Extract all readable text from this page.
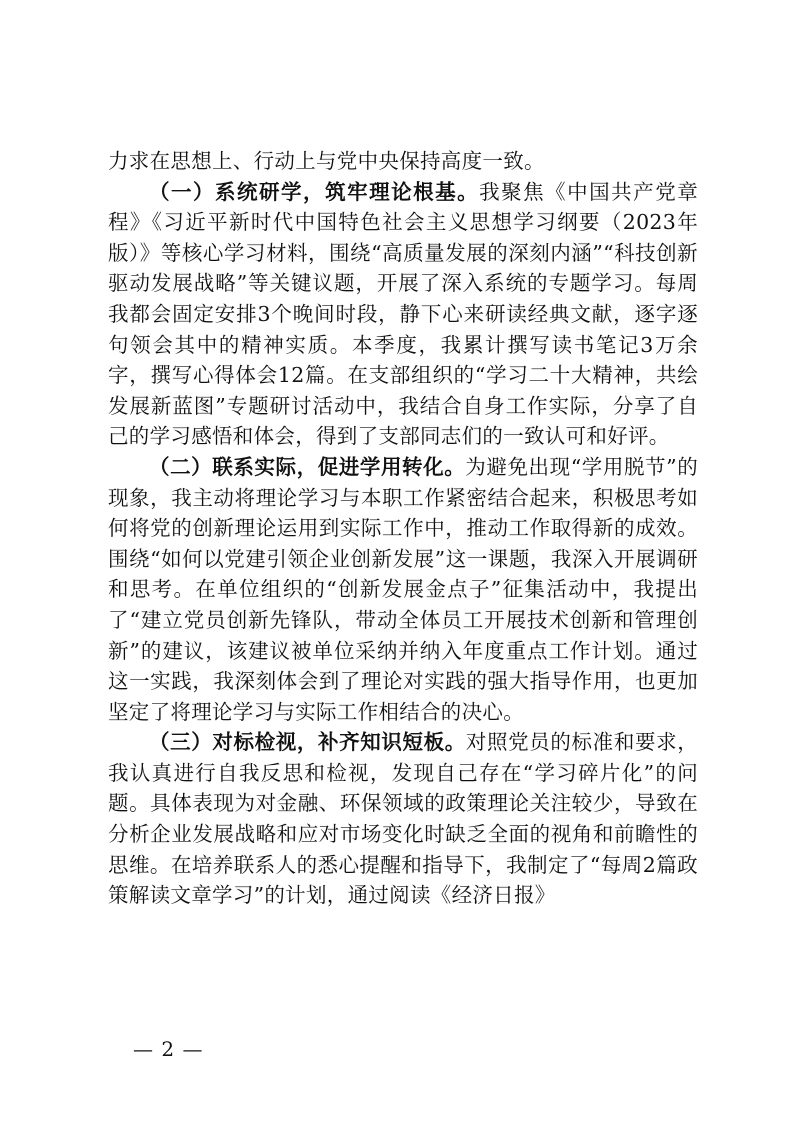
力求在思想上、行动上与党中央保持高度一致。

（一）系统研学，筑牢理论根基。我聚焦《中国共产党章程》《习近平新时代中国特色社会主义思想学习纲要（2023年版）》等核心学习材料，围绕“高质量发展的深刻内涵”“科技创新驱动发展战略”等关键议题，开展了深入系统的专题学习。每周我都会固定安排3个晚间时段，静下心来研读经典文献，逐字逐句领会其中的精神实质。本季度，我累计撰写读书笔记3万余字，撰写心得体会12篇。在支部组织的“学习二十大精神，共绘发展新蓝图”专题研讨活动中，我结合自身工作实际，分享了自己的学习感悟和体会，得到了支部同志们的一致认可和好评。

（二）联系实际，促进学用转化。为避免出现“学用脱节”的现象，我主动将理论学习与本职工作紧密结合起来，积极思考如何将党的创新理论运用到实际工作中，推动工作取得新的成效。围绕“如何以党建引领企业创新发展”这一课题，我深入开展调研和思考。在单位组织的“创新发展金点子”征集活动中，我提出了“建立党员创新先锋队，带动全体员工开展技术创新和管理创新”的建议，该建议被单位采纳并纳入年度重点工作计划。通过这一实践，我深刻体会到了理论对实践的强大指导作用，也更加坚定了将理论学习与实际工作相结合的决心。

（三）对标检视，补齐知识短板。对照党员的标准和要求，我认真进行自我反思和检视，发现自己存在“学习碎片化”的问题。具体表现为对金融、环保领域的政策理论关注较少，导致在分析企业发展战略和应对市场变化时缺乏全面的视角和前瞻性的思维。在培养联系人的悉心提醒和指导下，我制定了“每周2篇政策解读文章学习”的计划，通过阅读《经济日报》

— 2 —
